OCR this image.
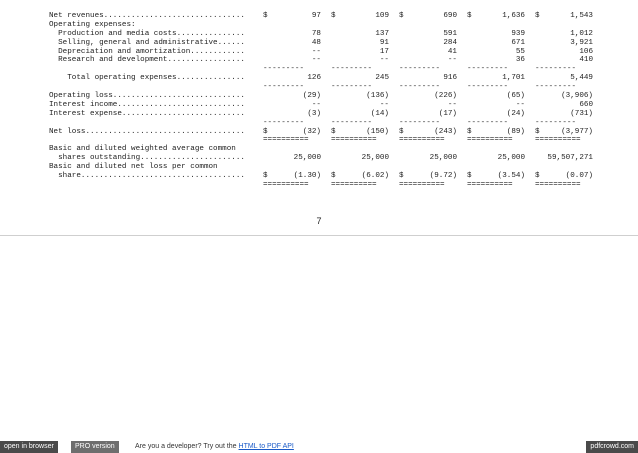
Net revenues............................... $	97 $	109 $	690 $	1,636 $	1,543
Operating expenses:
Production and media costs...............	78	137	591	939	1,012
Selling, general and administrative......	48	91	284	671	3,921
Depreciation and amortization............	--	17	41	55	106
Research and development.................	--	--	--	36	410
---------	---------	---------	---------	---------
Total operating expenses...............	126	245	916	1,701	5,449
---------	---------	---------	---------	---------
Operating loss.............................	(29)	(136)	(226)	(65)	(3,906)
Interest income............................	--	--	--	--	660
Interest expense...........................	(3)	(14)	(17)	(24)	(731)
---------	---------	---------	---------	---------
Net loss................................... $	(32) $	(150) $	(243) $	(89) $	(3,977)
==========	==========	==========	==========	==========
Basic and diluted weighted average common
shares outstanding.......................	25,000	25,000	25,000	25,000	59,507,271
Basic and diluted net loss per common
share.................................... $	(1.30) $	(6.02) $	(9.72) $	(3.54) $	(0.07)
==========	==========	==========	==========	==========
7
open in browser	PRO version	Are you a developer? Try out the HTML to PDF API	pdfcrowd.com
